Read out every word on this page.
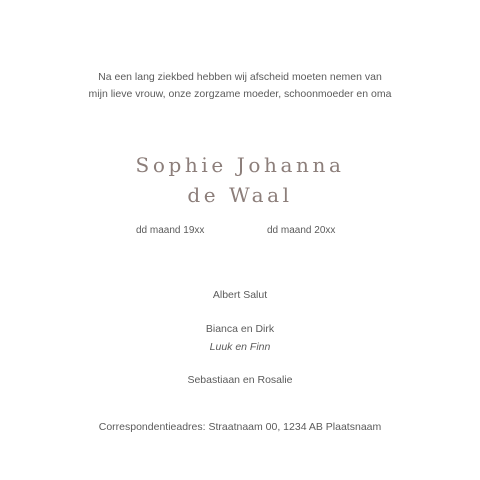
Na een lang ziekbed hebben wij afscheid moeten nemen van
mijn lieve vrouw, onze zorgzame moeder, schoonmoeder en oma
Sophie Johanna
de Waal
dd maand 19xx	dd maand 20xx
Albert Salut
Bianca en Dirk
Luuk en Finn
Sebastiaan en Rosalie
Correspondentieadres: Straatnaam 00, 1234 AB Plaatsnaam
